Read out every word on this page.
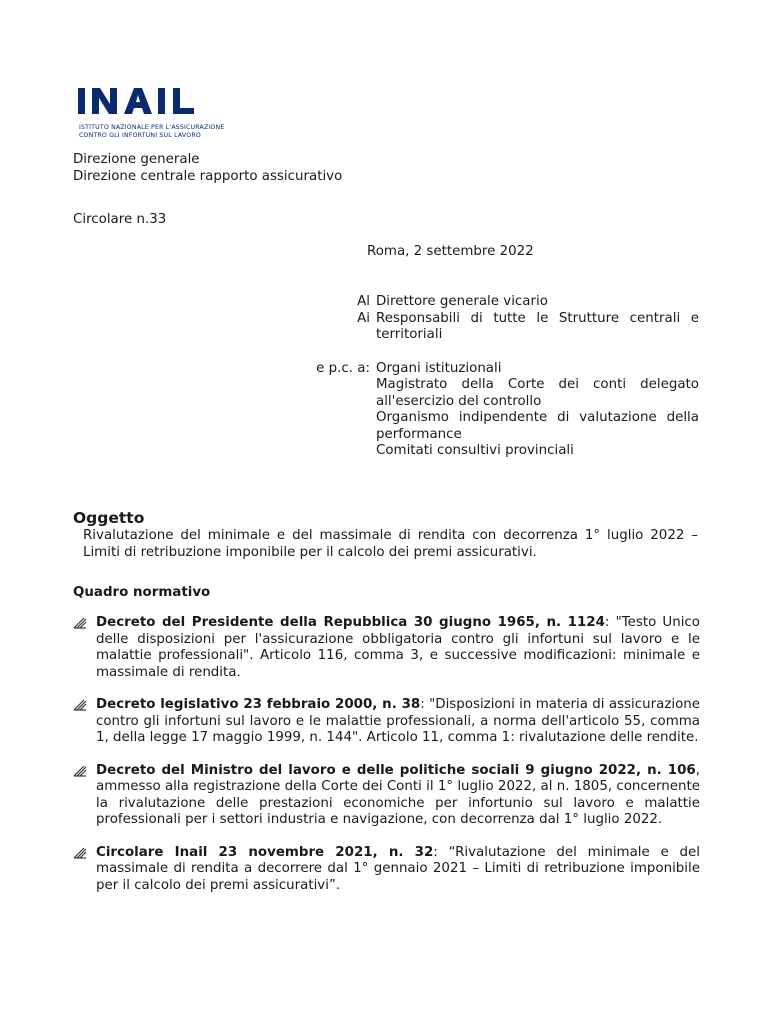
ISTITUTO NAZIONALE PER L'ASSICURAZIONE
CONTRO GLI INFORTUNI SUL LAVORO
Direzione generale
Direzione centrale rapporto assicurativo
Circolare n.33
Roma, 2 settembre 2022
Al Direttore generale vicario
Ai Responsabili di tutte le Strutture centrali e territoriali
e p.c. a: Organi istituzionali
Magistrato della Corte dei conti delegato all'esercizio del controllo
Organismo indipendente di valutazione della performance
Comitati consultivi provinciali
Oggetto
Rivalutazione del minimale e del massimale di rendita con decorrenza 1° luglio 2022 – Limiti di retribuzione imponibile per il calcolo dei premi assicurativi.
Quadro normativo
Decreto del Presidente della Repubblica 30 giugno 1965, n. 1124: "Testo Unico delle disposizioni per l'assicurazione obbligatoria contro gli infortuni sul lavoro e le malattie professionali". Articolo 116, comma 3, e successive modificazioni: minimale e massimale di rendita.
Decreto legislativo 23 febbraio 2000, n. 38: "Disposizioni in materia di assicurazione contro gli infortuni sul lavoro e le malattie professionali, a norma dell'articolo 55, comma 1, della legge 17 maggio 1999, n. 144". Articolo 11, comma 1: rivalutazione delle rendite.
Decreto del Ministro del lavoro e delle politiche sociali 9 giugno 2022, n. 106, ammesso alla registrazione della Corte dei Conti il 1° luglio 2022, al n. 1805, concernente la rivalutazione delle prestazioni economiche per infortunio sul lavoro e malattie professionali per i settori industria e navigazione, con decorrenza dal 1° luglio 2022.
Circolare Inail 23 novembre 2021, n. 32: “Rivalutazione del minimale e del massimale di rendita a decorrere dal 1° gennaio 2021 – Limiti di retribuzione imponibile per il calcolo dei premi assicurativi”.
